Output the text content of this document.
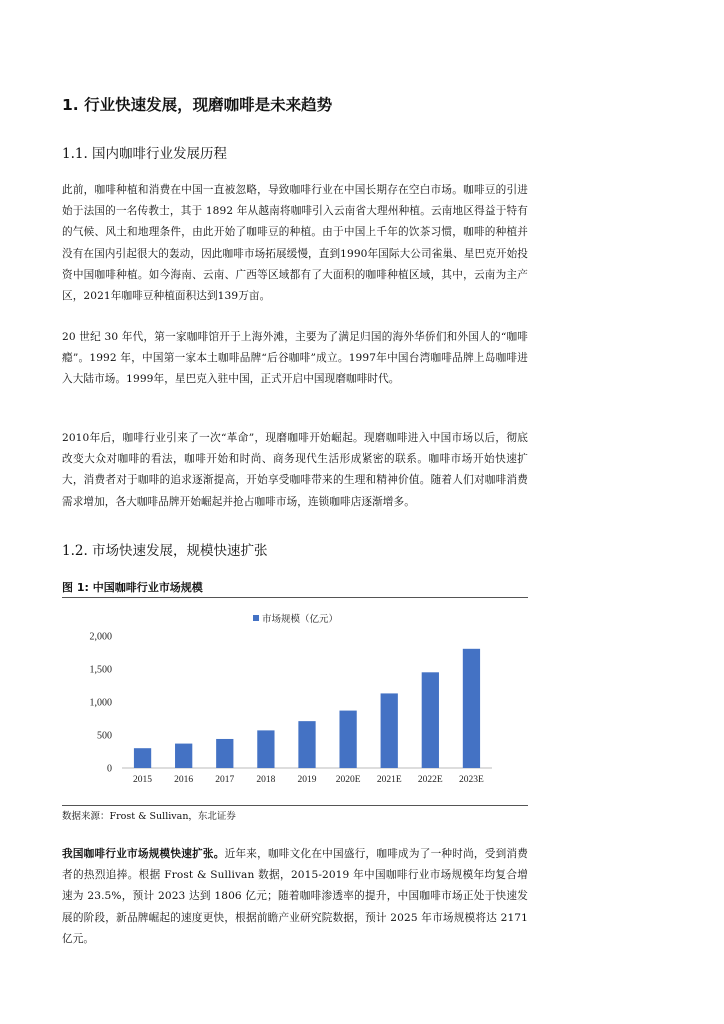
1. 行业快速发展，现磨咖啡是未来趋势
1.1. 国内咖啡行业发展历程

此前，咖啡种植和消费在中国一直被忽略，导致咖啡行业在中国长期存在空白市场。咖啡豆的引进始于法国的一名传教士，其于 1892 年从越南将咖啡引入云南省大理州种植。云南地区得益于特有的气候、风土和地理条件，由此开始了咖啡豆的种植。由于中国上千年的饮茶习惯，咖啡的种植并没有在国内引起很大的轰动，因此咖啡市场拓展缓慢，直到1990年国际大公司雀巢、星巴克开始投资中国咖啡种植。如今海南、云南、广西等区域都有了大面积的咖啡种植区域，其中，云南为主产区，2021年咖啡豆种植面积达到139万亩。

20 世纪 30 年代，第一家咖啡馆开于上海外滩，主要为了满足归国的海外华侨们和外国人的“咖啡瘾”。1992 年，中国第一家本土咖啡品牌“后谷咖啡”成立。1997年中国台湾咖啡品牌上岛咖啡进入大陆市场。1999年，星巴克入驻中国，正式开启中国现磨咖啡时代。

2010年后，咖啡行业引来了一次“革命”，现磨咖啡开始崛起。现磨咖啡进入中国市场以后，彻底改变大众对咖啡的看法，咖啡开始和时尚、商务现代生活形成紧密的联系。咖啡市场开始快速扩大，消费者对于咖啡的追求逐渐提高，开始享受咖啡带来的生理和精神价值。随着人们对咖啡消费需求增加，各大咖啡品牌开始崛起并抢占咖啡市场，连锁咖啡店逐渐增多。

1.2. 市场快速发展，规模快速扩张
图 1: 中国咖啡行业市场规模
市场规模（亿元）
0
500
1,000
1,500
2,000
2015 2016 2017 2018 2019 2020E 2021E 2022E 2023E
数据来源：Frost & Sullivan，东北证券

我国咖啡行业市场规模快速扩张。近年来，咖啡文化在中国盛行，咖啡成为了一种时尚，受到消费者的热烈追捧。根据 Frost & Sullivan 数据，2015-2019 年中国咖啡行业市场规模年均复合增速为 23.5%，预计 2023 达到 1806 亿元；随着咖啡渗透率的提升，中国咖啡市场正处于快速发展的阶段，新品牌崛起的速度更快，根据前瞻产业研究院数据，预计 2025 年市场规模将达 2171 亿元。
